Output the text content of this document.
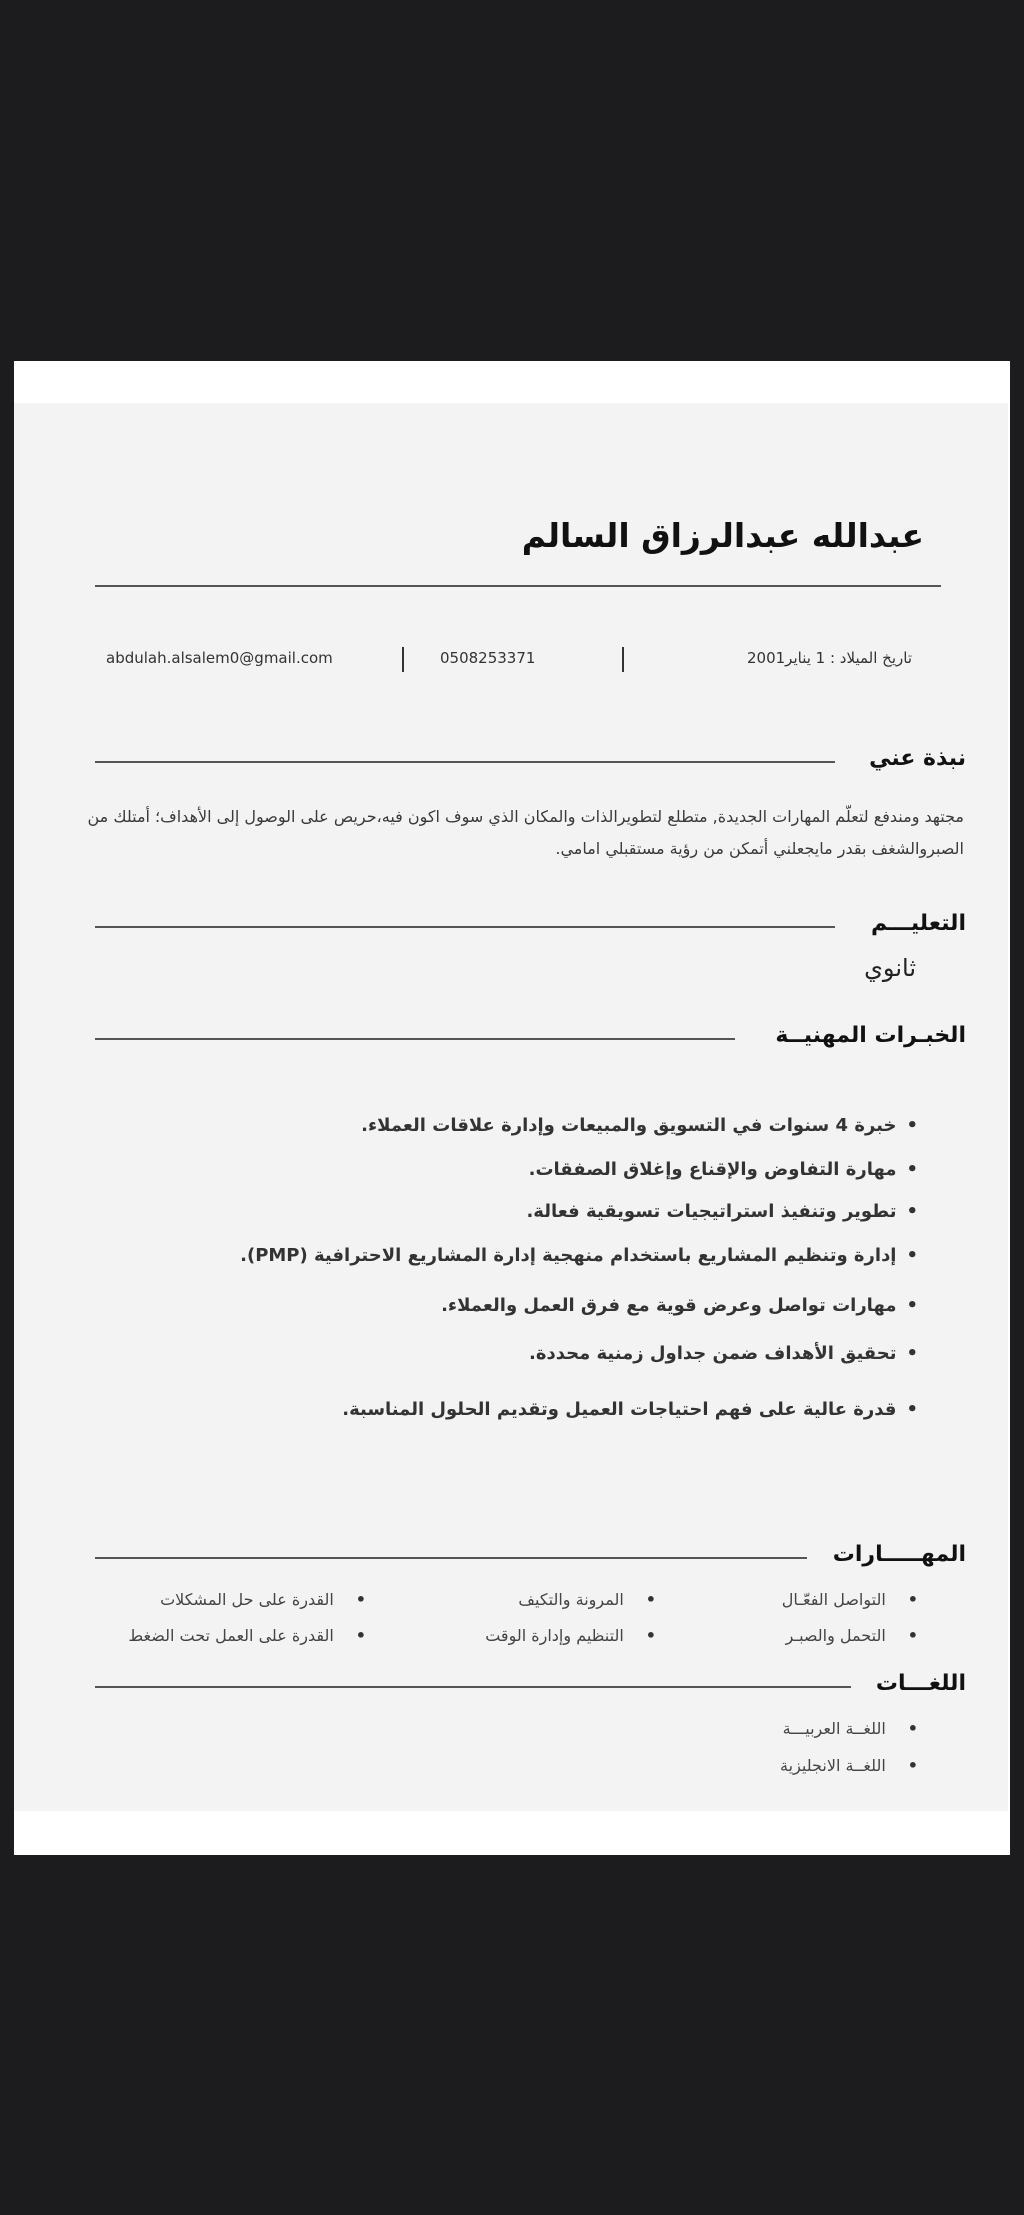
عبدالله عبدالرزاق السالم
تاريخ الميلاد : 1 يناير2001
0508253371
abdulah.alsalem0@gmail.com
نبذة عني
مجتهد ومندفع لتعلّم المهارات الجديدة, متطلع لتطويرالذات والمكان الذي سوف اكون فيه،حريص على الوصول إلى الأهداف؛ أمتلك من الصبروالشغف بقدر مايجعلني أتمكن من رؤية مستقبلي امامي.
التعليـــم
ثانوي
الخبـرات المهنيــة
• خبرة 4 سنوات في التسويق والمبيعات وإدارة علاقات العملاء.
• مهارة التفاوض والإقناع وإغلاق الصفقات.
• تطوير وتنفيذ استراتيجيات تسويقية فعالة.
• إدارة وتنظيم المشاريع باستخدام منهجية إدارة المشاريع الاحترافية (PMP).
• مهارات تواصل وعرض قوية مع فرق العمل والعملاء.
• تحقيق الأهداف ضمن جداول زمنية محددة.
• قدرة عالية على فهم احتياجات العميل وتقديم الحلول المناسبة.
المهـــــارات
• التواصل الفعّـال
• المرونة والتكيف
• القدرة على حل المشكلات
• التحمل والصبـر
• التنظيم وإدارة الوقت
• القدرة على العمل تحت الضغط
اللغـــات
• اللغــة العربيـــة
• اللغــة الانجليزية
